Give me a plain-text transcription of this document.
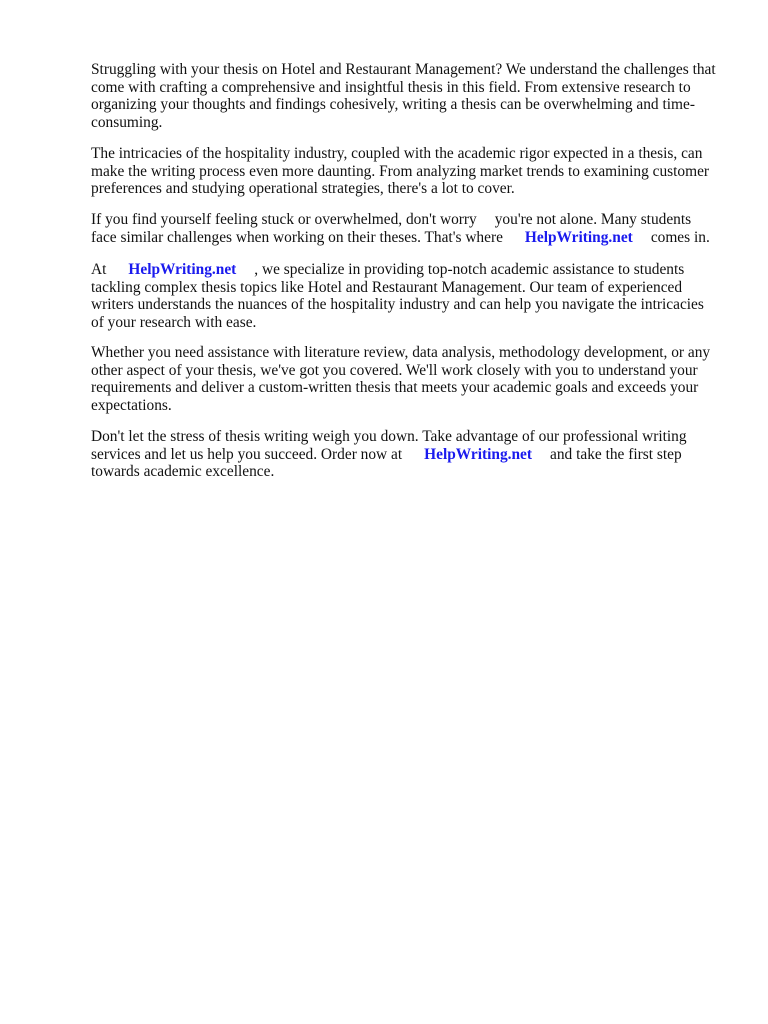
Struggling with your thesis on Hotel and Restaurant Management? We understand the challenges that
come with crafting a comprehensive and insightful thesis in this field. From extensive research to
organizing your thoughts and findings cohesively, writing a thesis can be overwhelming and time-
consuming.

The intricacies of the hospitality industry, coupled with the academic rigor expected in a thesis, can
make the writing process even more daunting. From analyzing market trends to examining customer
preferences and studying operational strategies, there's a lot to cover.

If you find yourself feeling stuck or overwhelmed, don't worry you're not alone. Many students
face similar challenges when working on their theses. That's where HelpWriting.net comes in.

At HelpWriting.net , we specialize in providing top-notch academic assistance to students
tackling complex thesis topics like Hotel and Restaurant Management. Our team of experienced
writers understands the nuances of the hospitality industry and can help you navigate the intricacies
of your research with ease.

Whether you need assistance with literature review, data analysis, methodology development, or any
other aspect of your thesis, we've got you covered. We'll work closely with you to understand your
requirements and deliver a custom-written thesis that meets your academic goals and exceeds your
expectations.

Don't let the stress of thesis writing weigh you down. Take advantage of our professional writing
services and let us help you succeed. Order now at HelpWriting.net and take the first step
towards academic excellence.
